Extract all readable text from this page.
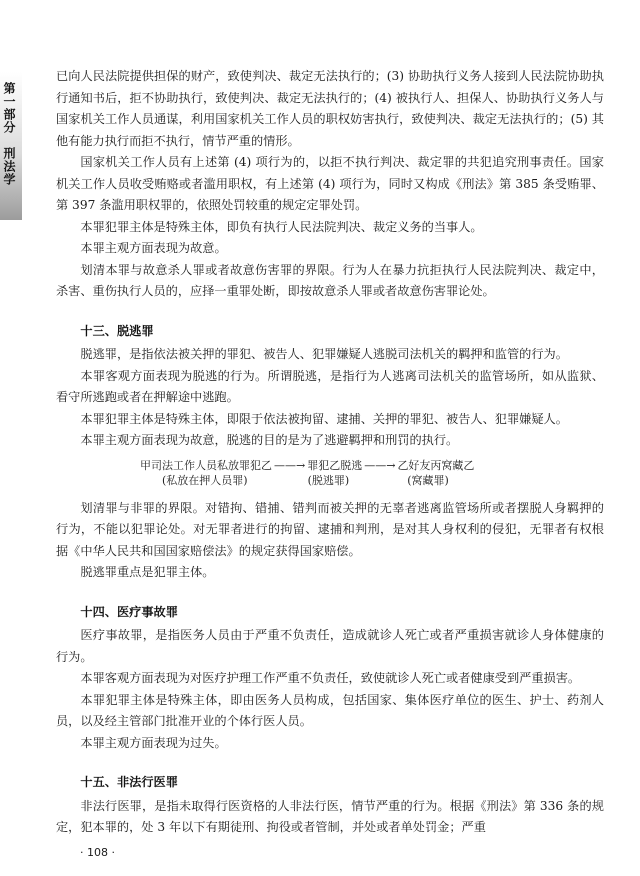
第一部分　刑法学

已向人民法院提供担保的财产，致使判决、裁定无法执行的；(3) 协助执行义务人接到人民法院协助执行通知书后，拒不协助执行，致使判决、裁定无法执行的；(4) 被执行人、担保人、协助执行义务人与国家机关工作人员通谋，利用国家机关工作人员的职权妨害执行，致使判决、裁定无法执行的；(5) 其他有能力执行而拒不执行，情节严重的情形。

国家机关工作人员有上述第 (4) 项行为的，以拒不执行判决、裁定罪的共犯追究刑事责任。国家机关工作人员收受贿赂或者滥用职权，有上述第 (4) 项行为，同时又构成《刑法》第 385 条受贿罪、第 397 条滥用职权罪的，依照处罚较重的规定定罪处罚。

本罪犯罪主体是特殊主体，即负有执行人民法院判决、裁定义务的当事人。

本罪主观方面表现为故意。

划清本罪与故意杀人罪或者故意伤害罪的界限。行为人在暴力抗拒执行人民法院判决、裁定中，杀害、重伤执行人员的，应择一重罪处断，即按故意杀人罪或者故意伤害罪论处。

十三、脱逃罪

脱逃罪，是指依法被关押的罪犯、被告人、犯罪嫌疑人逃脱司法机关的羁押和监管的行为。

本罪客观方面表现为脱逃的行为。所谓脱逃，是指行为人逃离司法机关的监管场所，如从监狱、看守所逃跑或者在押解途中逃跑。

本罪犯罪主体是特殊主体，即限于依法被拘留、逮捕、关押的罪犯、被告人、犯罪嫌疑人。

本罪主观方面表现为故意，脱逃的目的是为了逃避羁押和刑罚的执行。

甲司法工作人员私放罪犯乙 ——→ 罪犯乙脱逃 ——→ 乙好友丙窝藏乙
(私放在押人员罪)	(脱逃罪)	(窝藏罪)

划清罪与非罪的界限。对错拘、错捕、错判而被关押的无辜者逃离监管场所或者摆脱人身羁押的行为，不能以犯罪论处。对无罪者进行的拘留、逮捕和判刑，是对其人身权利的侵犯，无罪者有权根据《中华人民共和国国家赔偿法》的规定获得国家赔偿。

脱逃罪重点是犯罪主体。

十四、医疗事故罪

医疗事故罪，是指医务人员由于严重不负责任，造成就诊人死亡或者严重损害就诊人身体健康的行为。

本罪客观方面表现为对医疗护理工作严重不负责任，致使就诊人死亡或者健康受到严重损害。

本罪犯罪主体是特殊主体，即由医务人员构成，包括国家、集体医疗单位的医生、护士、药剂人员，以及经主管部门批准开业的个体行医人员。

本罪主观方面表现为过失。

十五、非法行医罪

非法行医罪，是指未取得行医资格的人非法行医，情节严重的行为。根据《刑法》第 336 条的规定，犯本罪的，处 3 年以下有期徒刑、拘役或者管制，并处或者单处罚金；严重

· 108 ·
